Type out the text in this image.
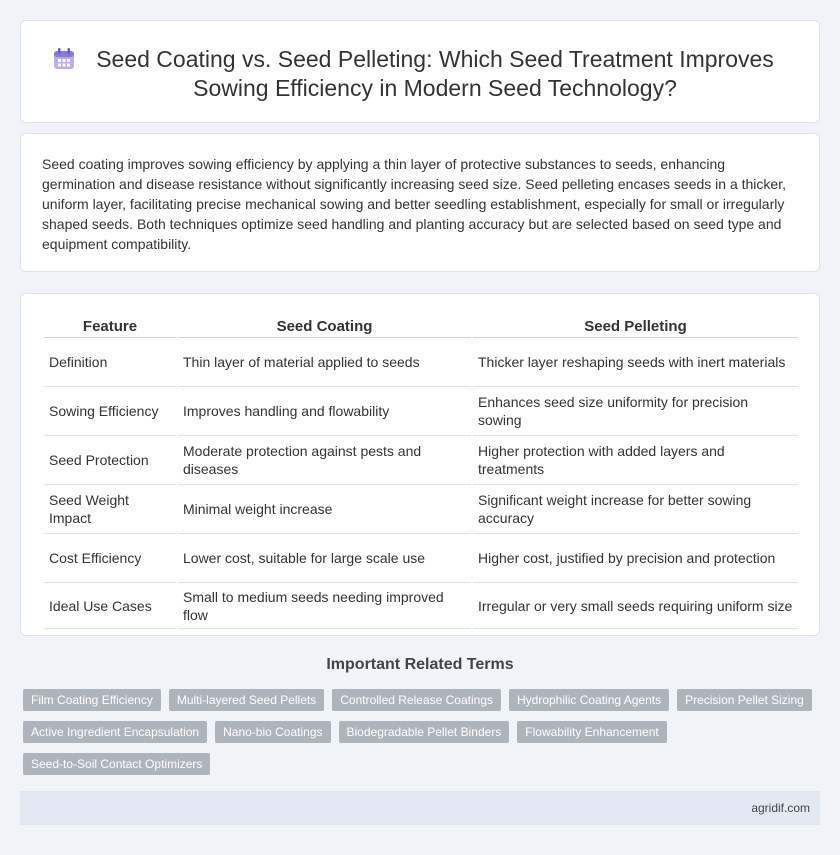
Seed Coating vs. Seed Pelleting: Which Seed Treatment Improves Sowing Efficiency in Modern Seed Technology?

Seed coating improves sowing efficiency by applying a thin layer of protective substances to seeds, enhancing germination and disease resistance without significantly increasing seed size. Seed pelleting encases seeds in a thicker, uniform layer, facilitating precise mechanical sowing and better seedling establishment, especially for small or irregularly shaped seeds. Both techniques optimize seed handling and planting accuracy but are selected based on seed type and equipment compatibility.

Feature	Seed Coating	Seed Pelleting
Definition	Thin layer of material applied to seeds	Thicker layer reshaping seeds with inert materials
Sowing Efficiency	Improves handling and flowability	Enhances seed size uniformity for precision sowing
Seed Protection	Moderate protection against pests and diseases	Higher protection with added layers and treatments
Seed Weight Impact	Minimal weight increase	Significant weight increase for better sowing accuracy
Cost Efficiency	Lower cost, suitable for large scale use	Higher cost, justified by precision and protection
Ideal Use Cases	Small to medium seeds needing improved flow	Irregular or very small seeds requiring uniform size
Important Related Terms
Film Coating Efficiency	Multi-layered Seed Pellets	Controlled Release Coatings	Hydrophilic Coating Agents	Precision Pellet Sizing
Active Ingredient Encapsulation	Nano-bio Coatings	Biodegradable Pellet Binders	Flowability Enhancement
Seed-to-Soil Contact Optimizers
agridif.com
